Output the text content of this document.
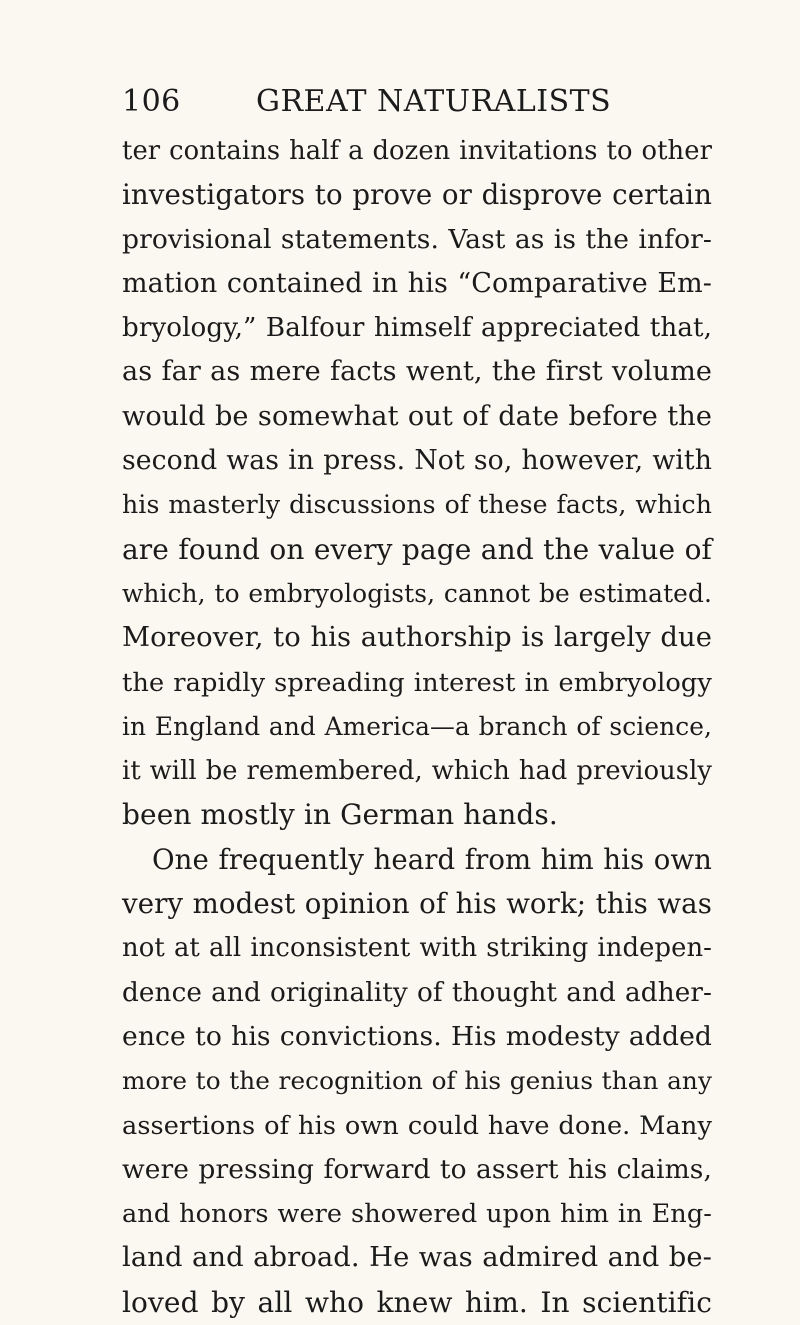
106	GREAT NATURALISTS
ter contains half a dozen invitations to other
investigators to prove or disprove certain
provisional statements. Vast as is the infor-
mation contained in his “Comparative Em-
bryology,” Balfour himself appreciated that,
as far as mere facts went, the first volume
would be somewhat out of date before the
second was in press. Not so, however, with
his masterly discussions of these facts, which
are found on every page and the value of
which, to embryologists, cannot be estimated.
Moreover, to his authorship is largely due
the rapidly spreading interest in embryology
in England and America—a branch of science,
it will be remembered, which had previously
been mostly in German hands.
One frequently heard from him his own
very modest opinion of his work; this was
not at all inconsistent with striking indepen-
dence and originality of thought and adher-
ence to his convictions. His modesty added
more to the recognition of his genius than any
assertions of his own could have done. Many
were pressing forward to assert his claims,
and honors were showered upon him in Eng-
land and abroad. He was admired and be-
loved by all who knew him. In scientific
